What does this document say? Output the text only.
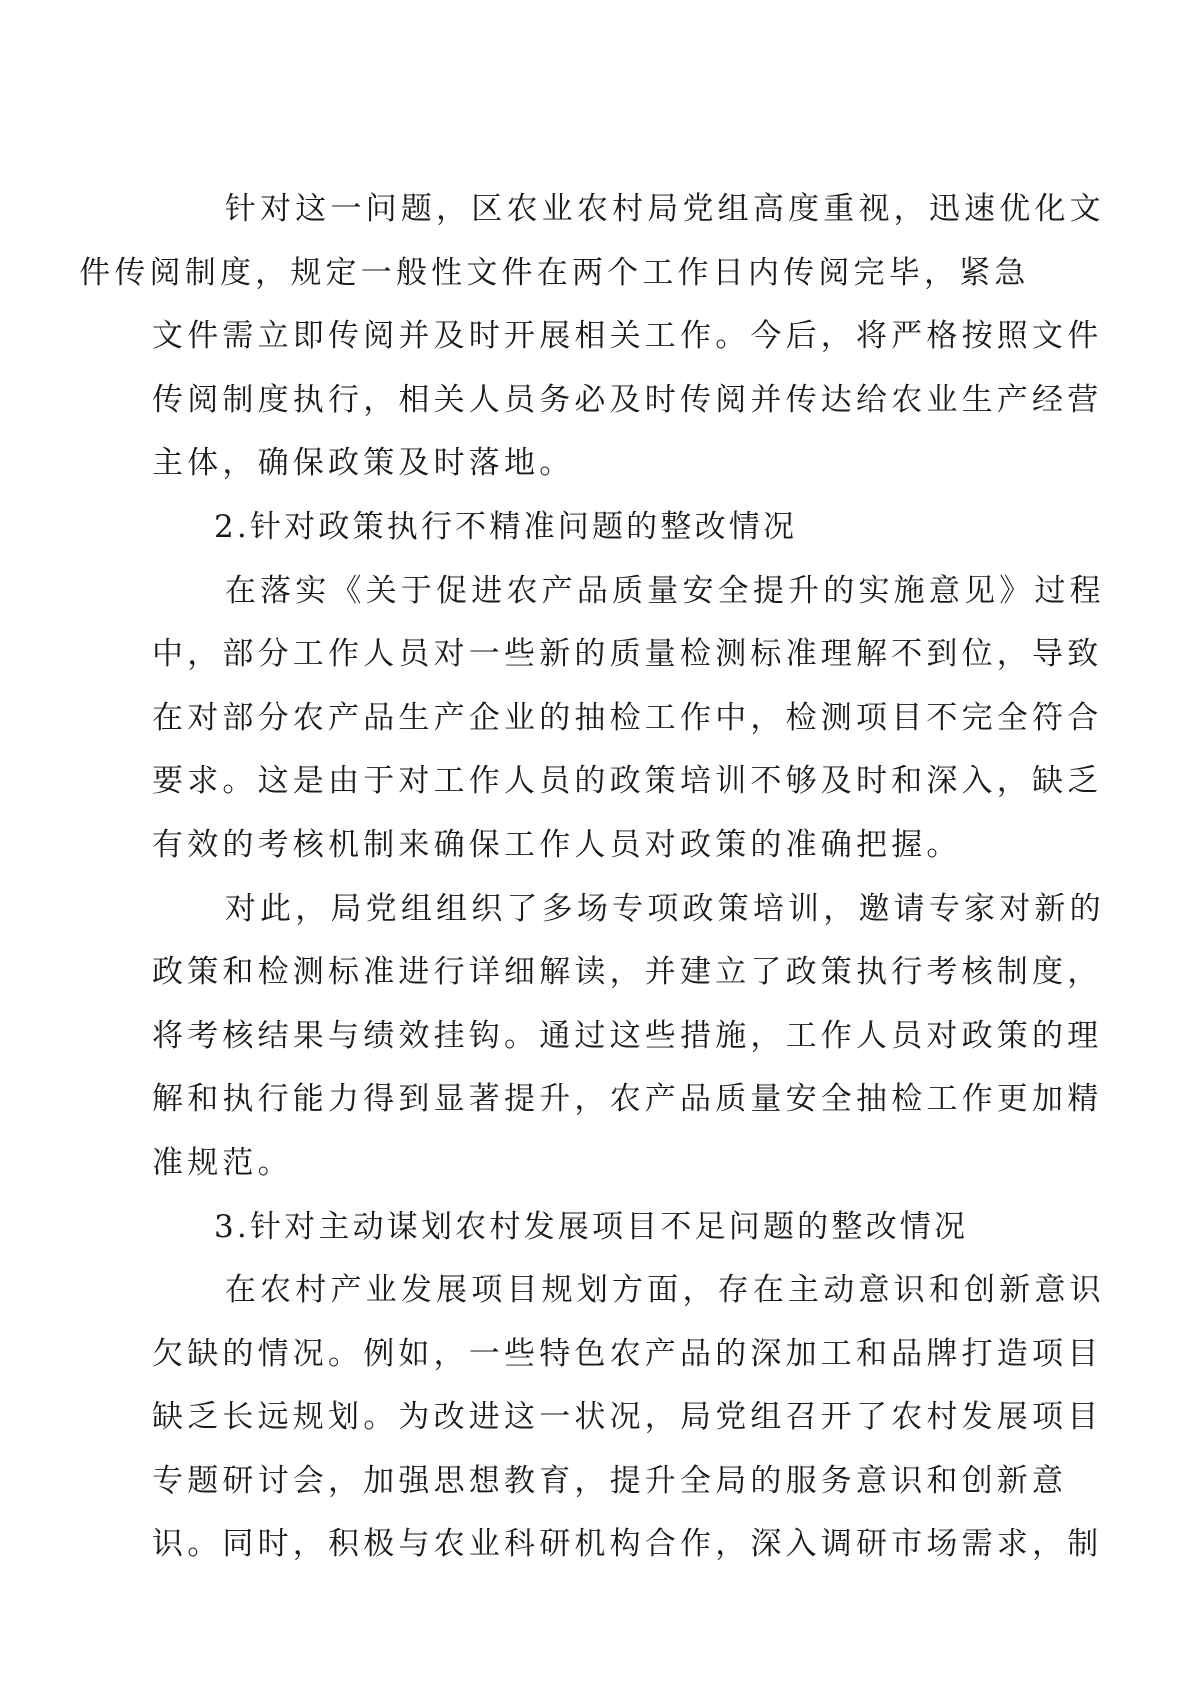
针对这一问题，区农业农村局党组高度重视，迅速优化文
件传阅制度，规定一般性文件在两个工作日内传阅完毕，紧急
文件需立即传阅并及时开展相关工作。今后，将严格按照文件
传阅制度执行，相关人员务必及时传阅并传达给农业生产经营
主体，确保政策及时落地。
2.针对政策执行不精准问题的整改情况
在落实《关于促进农产品质量安全提升的实施意见》过程
中，部分工作人员对一些新的质量检测标准理解不到位，导致
在对部分农产品生产企业的抽检工作中，检测项目不完全符合
要求。这是由于对工作人员的政策培训不够及时和深入，缺乏
有效的考核机制来确保工作人员对政策的准确把握。
对此，局党组组织了多场专项政策培训，邀请专家对新的
政策和检测标准进行详细解读，并建立了政策执行考核制度，
将考核结果与绩效挂钩。通过这些措施，工作人员对政策的理
解和执行能力得到显著提升，农产品质量安全抽检工作更加精
准规范。
3.针对主动谋划农村发展项目不足问题的整改情况
在农村产业发展项目规划方面，存在主动意识和创新意识
欠缺的情况。例如，一些特色农产品的深加工和品牌打造项目
缺乏长远规划。为改进这一状况，局党组召开了农村发展项目
专题研讨会，加强思想教育，提升全局的服务意识和创新意
识。同时，积极与农业科研机构合作，深入调研市场需求，制
